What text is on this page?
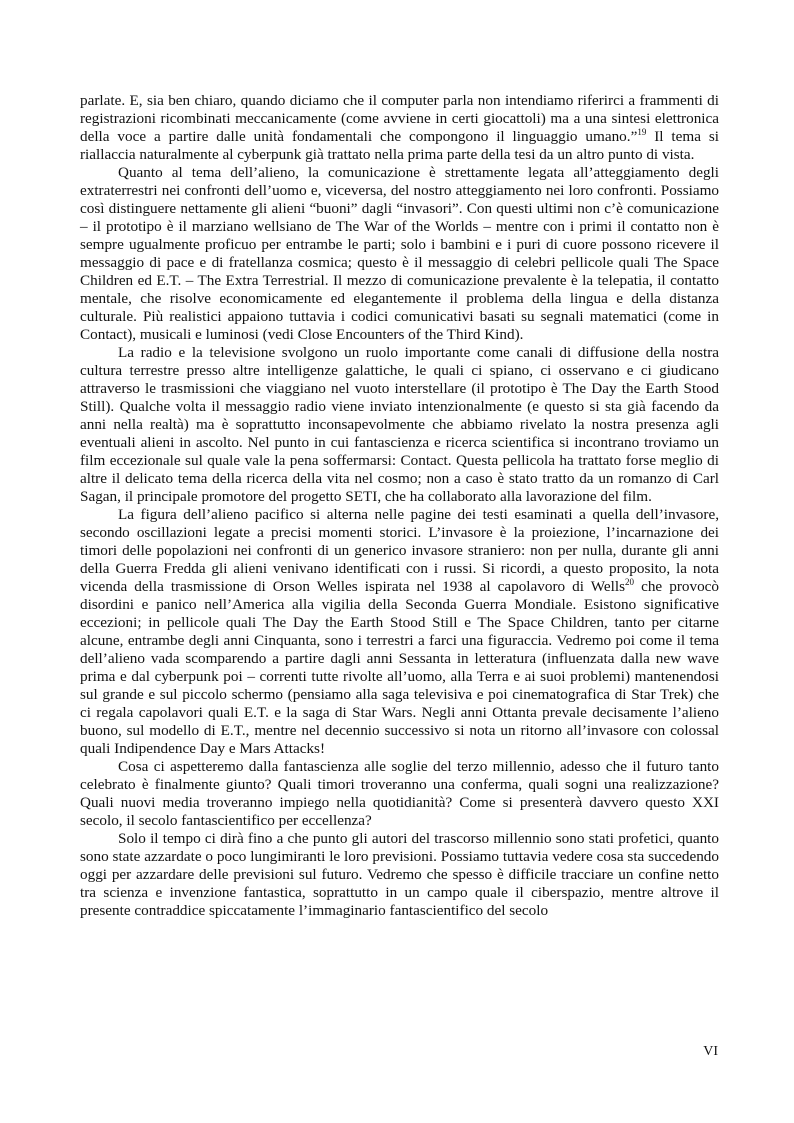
parlate. E, sia ben chiaro, quando diciamo che il computer parla non intendiamo riferirci a frammenti di registrazioni ricombinati meccanicamente (come avviene in certi giocattoli) ma a una sintesi elettronica della voce a partire dalle unità fondamentali che compongono il linguaggio umano.”$^{19}$ Il tema si riallaccia naturalmente al cyberpunk già trattato nella prima parte della tesi da un altro punto di vista.

Quanto al tema dell’alieno, la comunicazione è strettamente legata all’atteggiamento degli extraterrestri nei confronti dell’uomo e, viceversa, del nostro atteggiamento nei loro confronti. Possiamo così distinguere nettamente gli alieni “buoni” dagli “invasori”. Con questi ultimi non c’è comunicazione – il prototipo è il marziano wellsiano de The War of the Worlds – mentre con i primi il contatto non è sempre ugualmente proficuo per entrambe le parti; solo i bambini e i puri di cuore possono ricevere il messaggio di pace e di fratellanza cosmica; questo è il messaggio di celebri pellicole quali The Space Children ed E.T. – The Extra Terrestrial. Il mezzo di comunicazione prevalente è la telepatia, il contatto mentale, che risolve economicamente ed elegantemente il problema della lingua e della distanza culturale. Più realistici appaiono tuttavia i codici comunicativi basati su segnali matematici (come in Contact), musicali e luminosi (vedi Close Encounters of the Third Kind).

La radio e la televisione svolgono un ruolo importante come canali di diffusione della nostra cultura terrestre presso altre intelligenze galattiche, le quali ci spiano, ci osservano e ci giudicano attraverso le trasmissioni che viaggiano nel vuoto interstellare (il prototipo è The Day the Earth Stood Still). Qualche volta il messaggio radio viene inviato intenzionalmente (e questo si sta già facendo da anni nella realtà) ma è soprattutto inconsapevolmente che abbiamo rivelato la nostra presenza agli eventuali alieni in ascolto. Nel punto in cui fantascienza e ricerca scientifica si incontrano troviamo un film eccezionale sul quale vale la pena soffermarsi: Contact. Questa pellicola ha trattato forse meglio di altre il delicato tema della ricerca della vita nel cosmo; non a caso è stato tratto da un romanzo di Carl Sagan, il principale promotore del progetto SETI, che ha collaborato alla lavorazione del film.

La figura dell’alieno pacifico si alterna nelle pagine dei testi esaminati a quella dell’invasore, secondo oscillazioni legate a precisi momenti storici. L’invasore è la proiezione, l’incarnazione dei timori delle popolazioni nei confronti di un generico invasore straniero: non per nulla, durante gli anni della Guerra Fredda gli alieni venivano identificati con i russi. Si ricordi, a questo proposito, la nota vicenda della trasmissione di Orson Welles ispirata nel 1938 al capolavoro di Wells$^{20}$ che provocò disordini e panico nell’America alla vigilia della Seconda Guerra Mondiale. Esistono significative eccezioni; in pellicole quali The Day the Earth Stood Still e The Space Children, tanto per citarne alcune, entrambe degli anni Cinquanta, sono i terrestri a farci una figuraccia. Vedremo poi come il tema dell’alieno vada scomparendo a partire dagli anni Sessanta in letteratura (influenzata dalla new wave prima e dal cyberpunk poi – correnti tutte rivolte all’uomo, alla Terra e ai suoi problemi) mantenendosi sul grande e sul piccolo schermo (pensiamo alla saga televisiva e poi cinematografica di Star Trek) che ci regala capolavori quali E.T. e la saga di Star Wars. Negli anni Ottanta prevale decisamente l’alieno buono, sul modello di E.T., mentre nel decennio successivo si nota un ritorno all’invasore con colossal quali Indipendence Day e Mars Attacks!

Cosa ci aspetteremo dalla fantascienza alle soglie del terzo millennio, adesso che il futuro tanto celebrato è finalmente giunto? Quali timori troveranno una conferma, quali sogni una realizzazione? Quali nuovi media troveranno impiego nella quotidianità? Come si presenterà davvero questo XXI secolo, il secolo fantascientifico per eccellenza?

Solo il tempo ci dirà fino a che punto gli autori del trascorso millennio sono stati profetici, quanto sono state azzardate o poco lungimiranti le loro previsioni. Possiamo tuttavia vedere cosa sta succedendo oggi per azzardare delle previsioni sul futuro. Vedremo che spesso è difficile tracciare un confine netto tra scienza e invenzione fantastica, soprattutto in un campo quale il ciberspazio, mentre altrove il presente contraddice spiccatamente l’immaginario fantascientifico del secolo

VI
